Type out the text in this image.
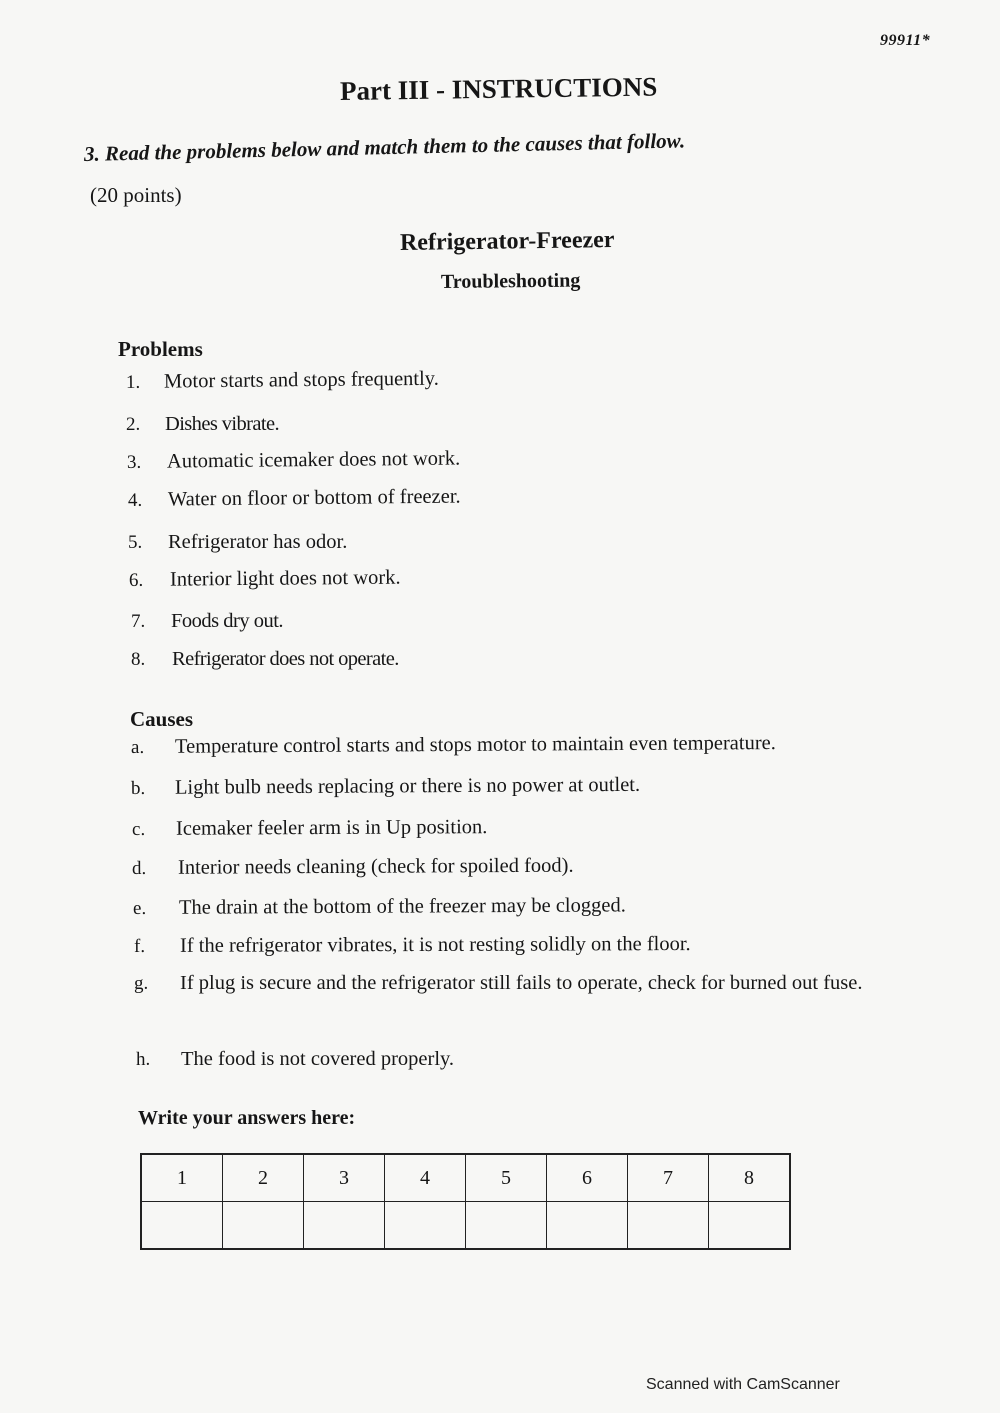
99911*
Part III - INSTRUCTIONS
3. Read the problems below and match them to the causes that follow.
(20 points)
Refrigerator-Freezer
Troubleshooting
Problems
1.	Motor starts and stops frequently.
2.	Dishes vibrate.
3.	Automatic icemaker does not work.
4.	Water on floor or bottom of freezer.
5.	Refrigerator has odor.
6.	Interior light does not work.
7.	Foods dry out.
8.	Refrigerator does not operate.
Causes
a.	Temperature control starts and stops motor to maintain even temperature.
b.	Light bulb needs replacing or there is no power at outlet.
c.	Icemaker feeler arm is in Up position.
d.	Interior needs cleaning (check for spoiled food).
e.	The drain at the bottom of the freezer may be clogged.
f.	If the refrigerator vibrates, it is not resting solidly on the floor.
g.	If plug is secure and the refrigerator still fails to operate, check for burned out fuse.
h.	The food is not covered properly.
Write your answers here:
1	2	3	4	5	6	7	8

Scanned with CamScanner
